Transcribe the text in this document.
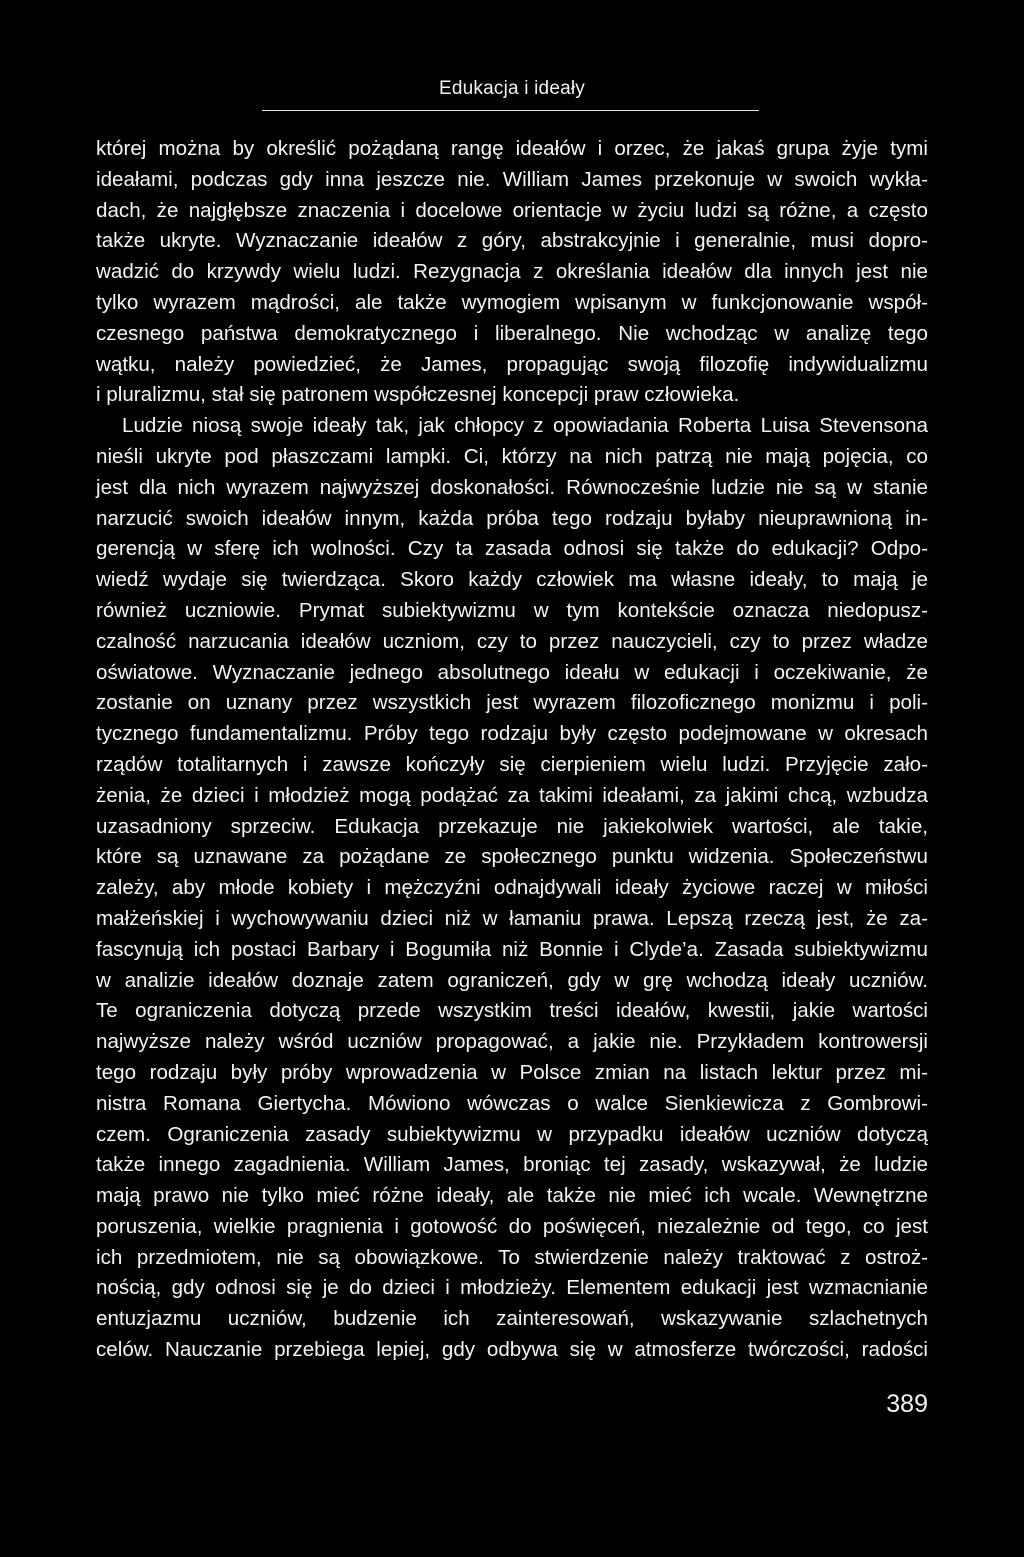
Edukacja i ideały
której można by określić pożądaną rangę ideałów i orzec, że jakaś grupa żyje tymi
ideałami, podczas gdy inna jeszcze nie. William James przekonuje w swoich wykła-
dach, że najgłębsze znaczenia i docelowe orientacje w życiu ludzi są różne, a często
także ukryte. Wyznaczanie ideałów z góry, abstrakcyjnie i generalnie, musi dopro-
wadzić do krzywdy wielu ludzi. Rezygnacja z określania ideałów dla innych jest nie
tylko wyrazem mądrości, ale także wymogiem wpisanym w funkcjonowanie współ-
czesnego państwa demokratycznego i liberalnego. Nie wchodząc w analizę tego
wątku, należy powiedzieć, że James, propagując swoją filozofię indywidualizmu
i pluralizmu, stał się patronem współczesnej koncepcji praw człowieka.
Ludzie niosą swoje ideały tak, jak chłopcy z opowiadania Roberta Luisa Stevensona
nieśli ukryte pod płaszczami lampki. Ci, którzy na nich patrzą nie mają pojęcia, co
jest dla nich wyrazem najwyższej doskonałości. Równocześnie ludzie nie są w stanie
narzucić swoich ideałów innym, każda próba tego rodzaju byłaby nieuprawnioną in-
gerencją w sferę ich wolności. Czy ta zasada odnosi się także do edukacji? Odpo-
wiedź wydaje się twierdząca. Skoro każdy człowiek ma własne ideały, to mają je
również uczniowie. Prymat subiektywizmu w tym kontekście oznacza niedopusz-
czalność narzucania ideałów uczniom, czy to przez nauczycieli, czy to przez władze
oświatowe. Wyznaczanie jednego absolutnego ideału w edukacji i oczekiwanie, że
zostanie on uznany przez wszystkich jest wyrazem filozoficznego monizmu i poli-
tycznego fundamentalizmu. Próby tego rodzaju były często podejmowane w okresach
rządów totalitarnych i zawsze kończyły się cierpieniem wielu ludzi. Przyjęcie zało-
żenia, że dzieci i młodzież mogą podążać za takimi ideałami, za jakimi chcą, wzbudza
uzasadniony sprzeciw. Edukacja przekazuje nie jakiekolwiek wartości, ale takie,
które są uznawane za pożądane ze społecznego punktu widzenia. Społeczeństwu
zależy, aby młode kobiety i mężczyźni odnajdywali ideały życiowe raczej w miłości
małżeńskiej i wychowywaniu dzieci niż w łamaniu prawa. Lepszą rzeczą jest, że za-
fascynują ich postaci Barbary i Bogumiła niż Bonnie i Clyde’a. Zasada subiektywizmu
w analizie ideałów doznaje zatem ograniczeń, gdy w grę wchodzą ideały uczniów.
Te ograniczenia dotyczą przede wszystkim treści ideałów, kwestii, jakie wartości
najwyższe należy wśród uczniów propagować, a jakie nie. Przykładem kontrowersji
tego rodzaju były próby wprowadzenia w Polsce zmian na listach lektur przez mi-
nistra Romana Giertycha. Mówiono wówczas o walce Sienkiewicza z Gombrowi-
czem. Ograniczenia zasady subiektywizmu w przypadku ideałów uczniów dotyczą
także innego zagadnienia. William James, broniąc tej zasady, wskazywał, że ludzie
mają prawo nie tylko mieć różne ideały, ale także nie mieć ich wcale. Wewnętrzne
poruszenia, wielkie pragnienia i gotowość do poświęceń, niezależnie od tego, co jest
ich przedmiotem, nie są obowiązkowe. To stwierdzenie należy traktować z ostroż-
nością, gdy odnosi się je do dzieci i młodzieży. Elementem edukacji jest wzmacnianie
entuzjazmu uczniów, budzenie ich zainteresowań, wskazywanie szlachetnych
celów. Nauczanie przebiega lepiej, gdy odbywa się w atmosferze twórczości, radości
389
